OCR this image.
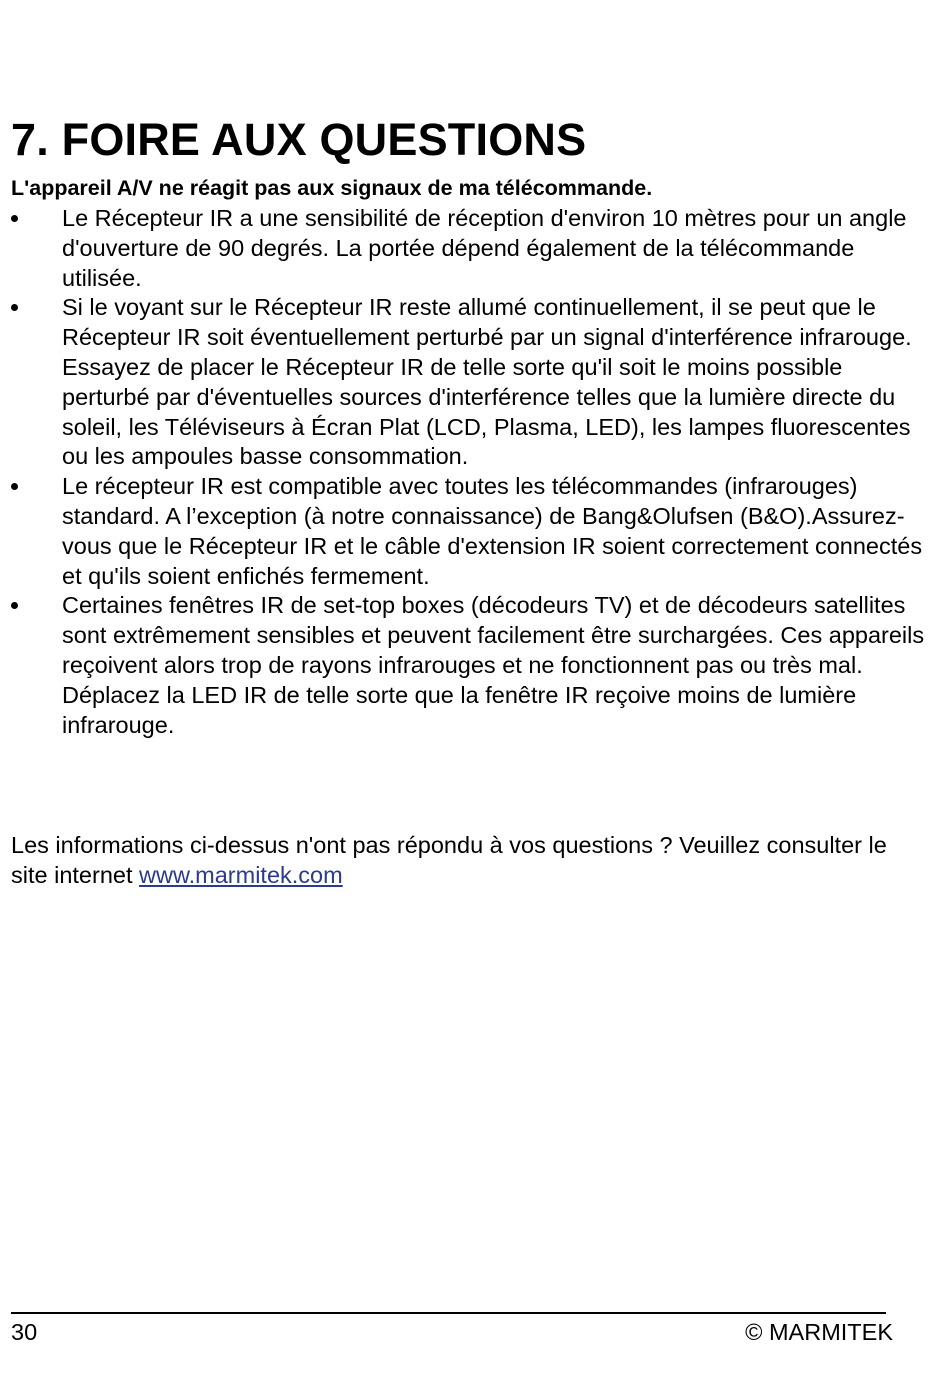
7. FOIRE AUX QUESTIONS

L'appareil A/V ne réagit pas aux signaux de ma télécommande.

Le Récepteur IR a une sensibilité de réception d'environ 10 mètres pour un angle d'ouverture de 90 degrés. La portée dépend également de la télécommande utilisée.
Si le voyant sur le Récepteur IR reste allumé continuellement, il se peut que le Récepteur IR soit éventuellement perturbé par un signal d'interférence infrarouge. Essayez de placer le Récepteur IR de telle sorte qu'il soit le moins possible perturbé par d'éventuelles sources d'interférence telles que la lumière directe du soleil, les Téléviseurs à Écran Plat (LCD, Plasma, LED), les lampes fluorescentes ou les ampoules basse consommation.
Le récepteur IR est compatible avec toutes les télécommandes (infrarouges) standard. A l’exception (à notre connaissance) de Bang&Olufsen (B&O).Assurez-vous que le Récepteur IR et le câble d'extension IR soient correctement connectés et qu'ils soient enfichés fermement.
Certaines fenêtres IR de set-top boxes (décodeurs TV) et de décodeurs satellites sont extrêmement sensibles et peuvent facilement être surchargées. Ces appareils reçoivent alors trop de rayons infrarouges et ne fonctionnent pas ou très mal. Déplacez la LED IR de telle sorte que la fenêtre IR reçoive moins de lumière infrarouge.

Les informations ci-dessus n'ont pas répondu à vos questions ? Veuillez consulter le site internet www.marmitek.com

30	© MARMITEK
